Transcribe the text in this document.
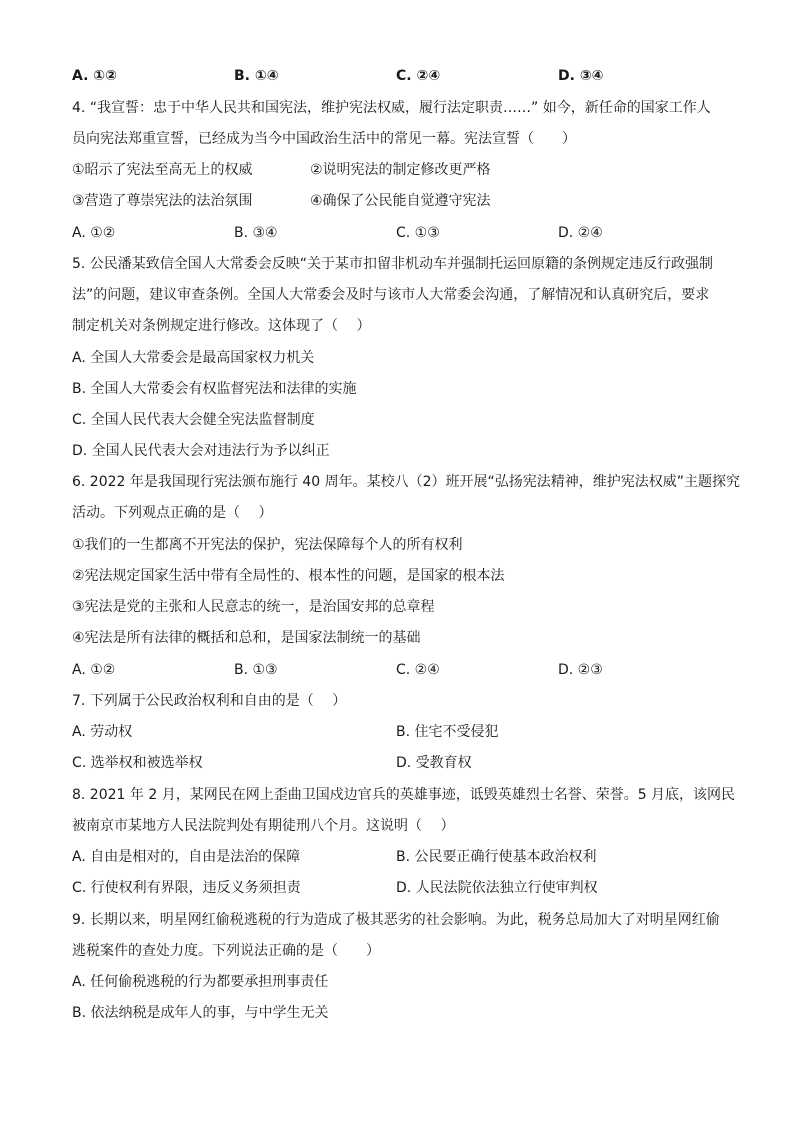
A. ①②	B. ①④	C. ②④	D. ③④
4. “我宣誓：忠于中华人民共和国宪法，维护宪法权威，履行法定职责……” 如今，新任命的国家工作人
员向宪法郑重宣誓，已经成为当今中国政治生活中的常见一幕。宪法宣誓（　　）
①昭示了宪法至高无上的权威	②说明宪法的制定修改更严格
③营造了尊崇宪法的法治氛围	④确保了公民能自觉遵守宪法
A. ①②	B. ③④	C. ①③	D. ②④
5. 公民潘某致信全国人大常委会反映“关于某市扣留非机动车并强制托运回原籍的条例规定违反行政强制
法”的问题，建议审查条例。全国人大常委会及时与该市人大常委会沟通，了解情况和认真研究后，要求
制定机关对条例规定进行修改。这体现了（　 ）
A. 全国人大常委会是最高国家权力机关
B. 全国人大常委会有权监督宪法和法律的实施
C. 全国人民代表大会健全宪法监督制度
D. 全国人民代表大会对违法行为予以纠正
6. 2022 年是我国现行宪法颁布施行 40 周年。某校八（2）班开展“弘扬宪法精神，维护宪法权威”主题探究
活动。下列观点正确的是（　 ）
①我们的一生都离不开宪法的保护，宪法保障每个人的所有权利
②宪法规定国家生活中带有全局性的、根本性的问题，是国家的根本法
③宪法是党的主张和人民意志的统一，是治国安邦的总章程
④宪法是所有法律的概括和总和，是国家法制统一的基础
A. ①②	B. ①③	C. ②④	D. ②③
7. 下列属于公民政治权利和自由的是（　 ）
A. 劳动权	B. 住宅不受侵犯
C. 选举权和被选举权	D. 受教育权
8. 2021 年 2 月，某网民在网上歪曲卫国戍边官兵的英雄事迹，诋毁英雄烈士名誉、荣誉。5 月底，该网民
被南京市某地方人民法院判处有期徒刑八个月。这说明（　 ）
A. 自由是相对的，自由是法治的保障	B. 公民要正确行使基本政治权利
C. 行使权利有界限，违反义务须担责	D. 人民法院依法独立行使审判权
9. 长期以来，明星网红偷税逃税的行为造成了极其恶劣的社会影响。为此，税务总局加大了对明星网红偷
逃税案件的查处力度。下列说法正确的是（　　）
A. 任何偷税逃税的行为都要承担刑事责任
B. 依法纳税是成年人的事，与中学生无关
